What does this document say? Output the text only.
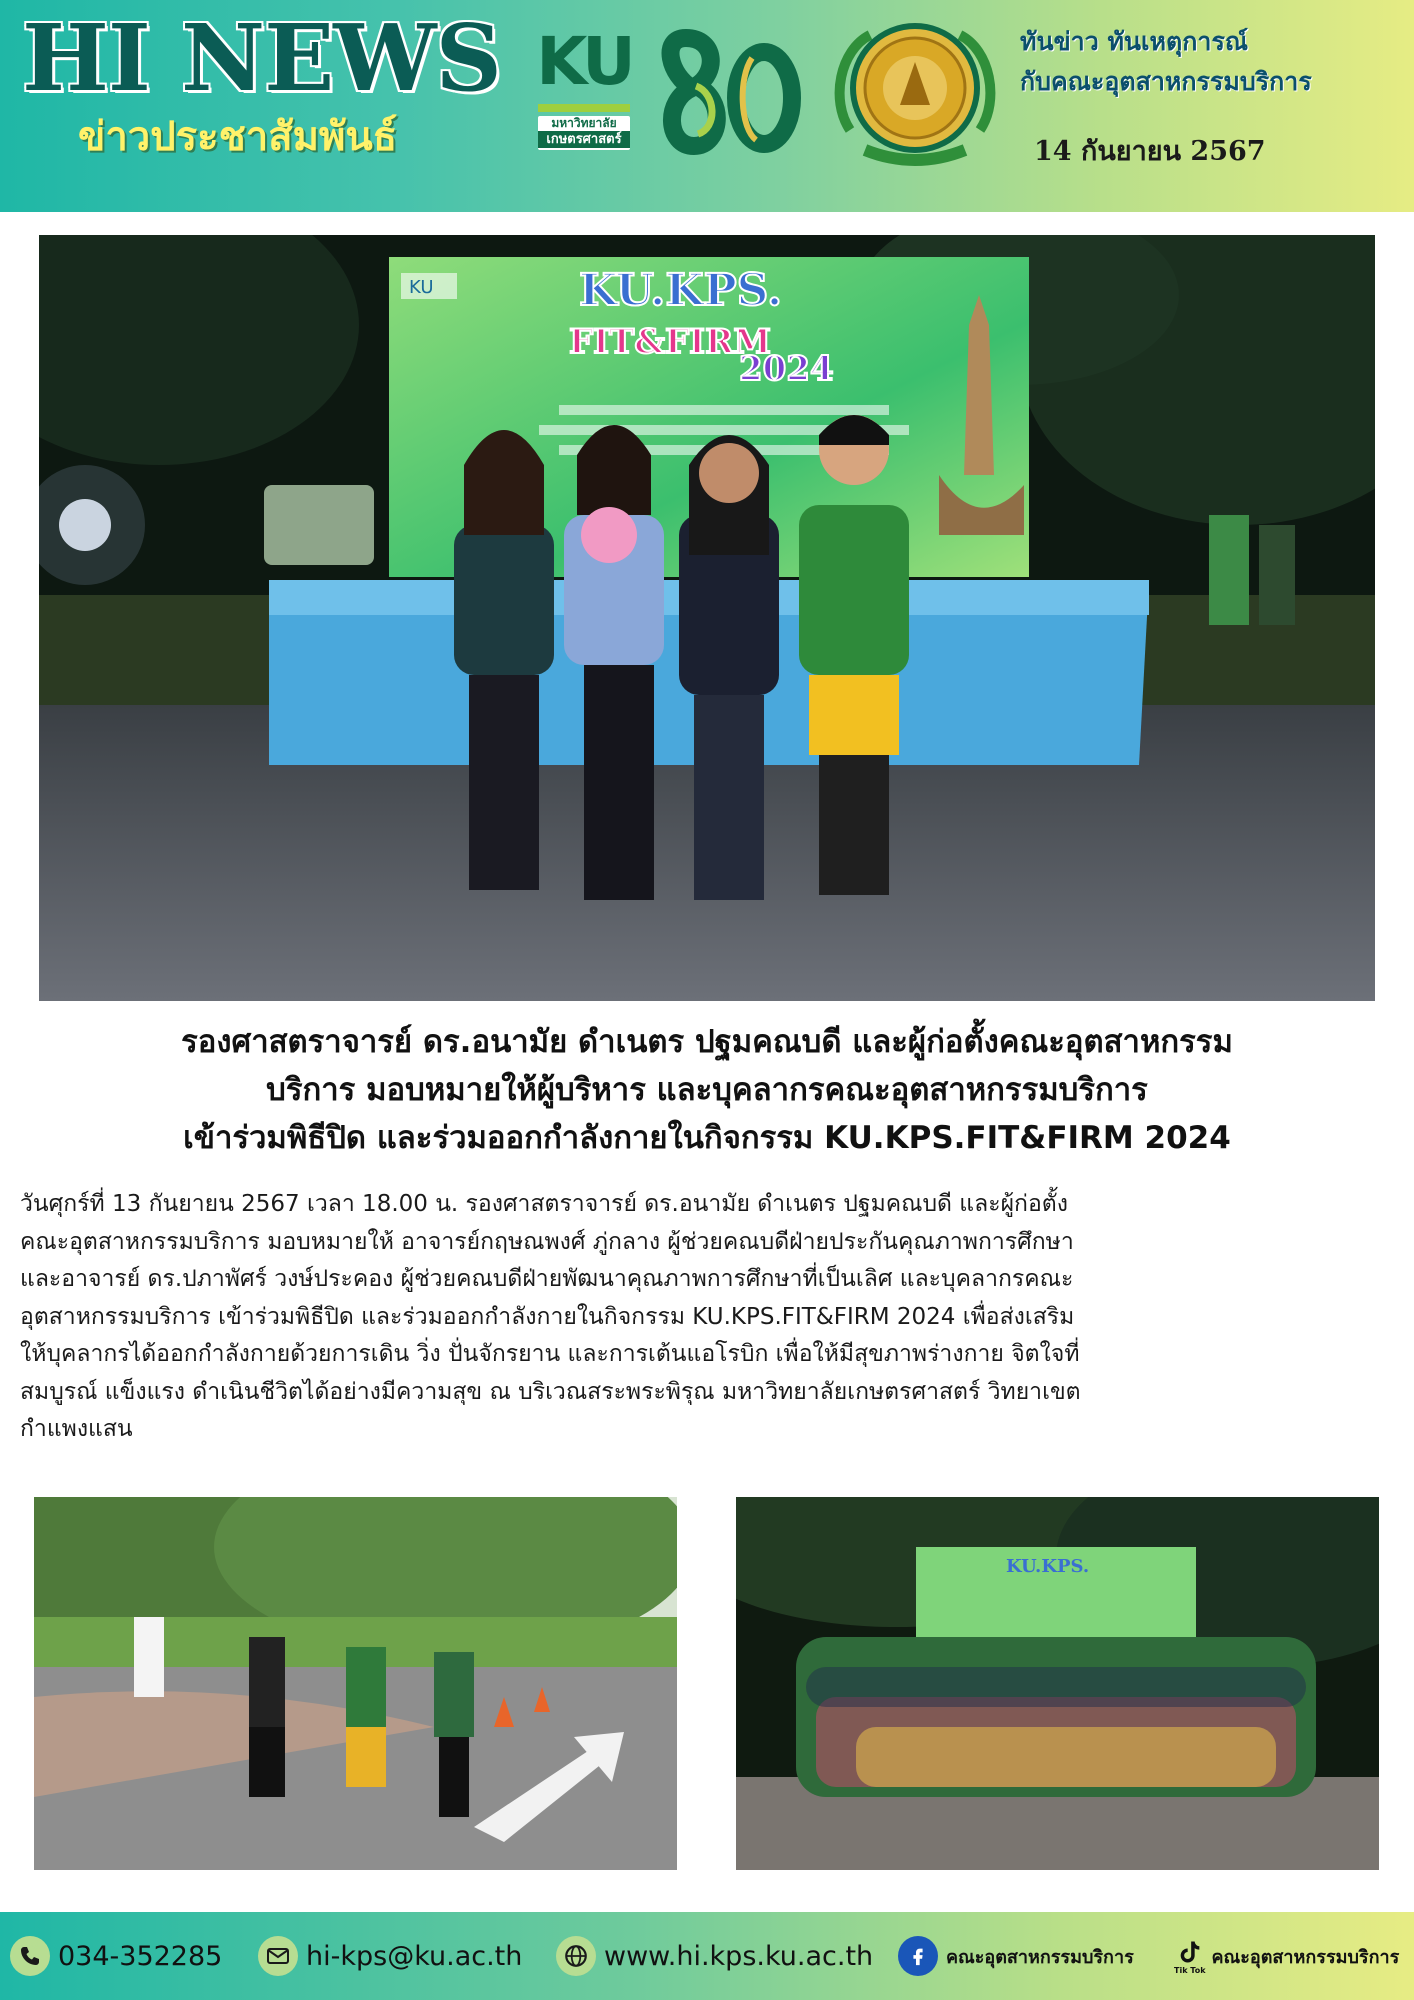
HI NEWS
ข่าวประชาสัมพันธ์
KU
มหาวิทยาลัย
เกษตรศาสตร์
ทันข่าว ทันเหตุการณ์
กับคณะอุตสาหกรรมบริการ
14 กันยายน 2567
KU	KU.KPS.
FIT&FIRM
2024
รองศาสตราจารย์ ดร.อนามัย ดำเนตร ปฐมคณบดี และผู้ก่อตั้งคณะอุตสาหกรรม
บริการ มอบหมายให้ผู้บริหาร และบุคลากรคณะอุตสาหกรรมบริการ
เข้าร่วมพิธีปิด และร่วมออกกำลังกายในกิจกรรม KU.KPS.FIT&FIRM 2024
วันศุกร์ที่ 13 กันยายน 2567 เวลา 18.00 น. รองศาสตราจารย์ ดร.อนามัย ดำเนตร ปฐมคณบดี และผู้ก่อตั้ง
คณะอุตสาหกรรมบริการ มอบหมายให้ อาจารย์กฤษณพงศ์ ภู่กลาง ผู้ช่วยคณบดีฝ่ายประกันคุณภาพการศึกษา
และอาจารย์ ดร.ปภาพัศร์ วงษ์ประคอง ผู้ช่วยคณบดีฝ่ายพัฒนาคุณภาพการศึกษาที่เป็นเลิศ และบุคลากรคณะ
อุตสาหกรรมบริการ เข้าร่วมพิธีปิด และร่วมออกกำลังกายในกิจกรรม KU.KPS.FIT&FIRM 2024 เพื่อส่งเสริม
ให้บุคลากรได้ออกกำลังกายด้วยการเดิน วิ่ง ปั่นจักรยาน และการเต้นแอโรบิก เพื่อให้มีสุขภาพร่างกาย จิตใจที่
สมบูรณ์ แข็งแรง ดำเนินชีวิตได้อย่างมีความสุข ณ บริเวณสระพระพิรุณ มหาวิทยาลัยเกษตรศาสตร์ วิทยาเขต
กำแพงแสน
KU.KPS.
034-352285	hi-kps@ku.ac.th	www.hi.kps.ku.ac.th	คณะอุตสาหกรรมบริการ
Tik Tok
คณะอุตสาหกรรมบริการ
